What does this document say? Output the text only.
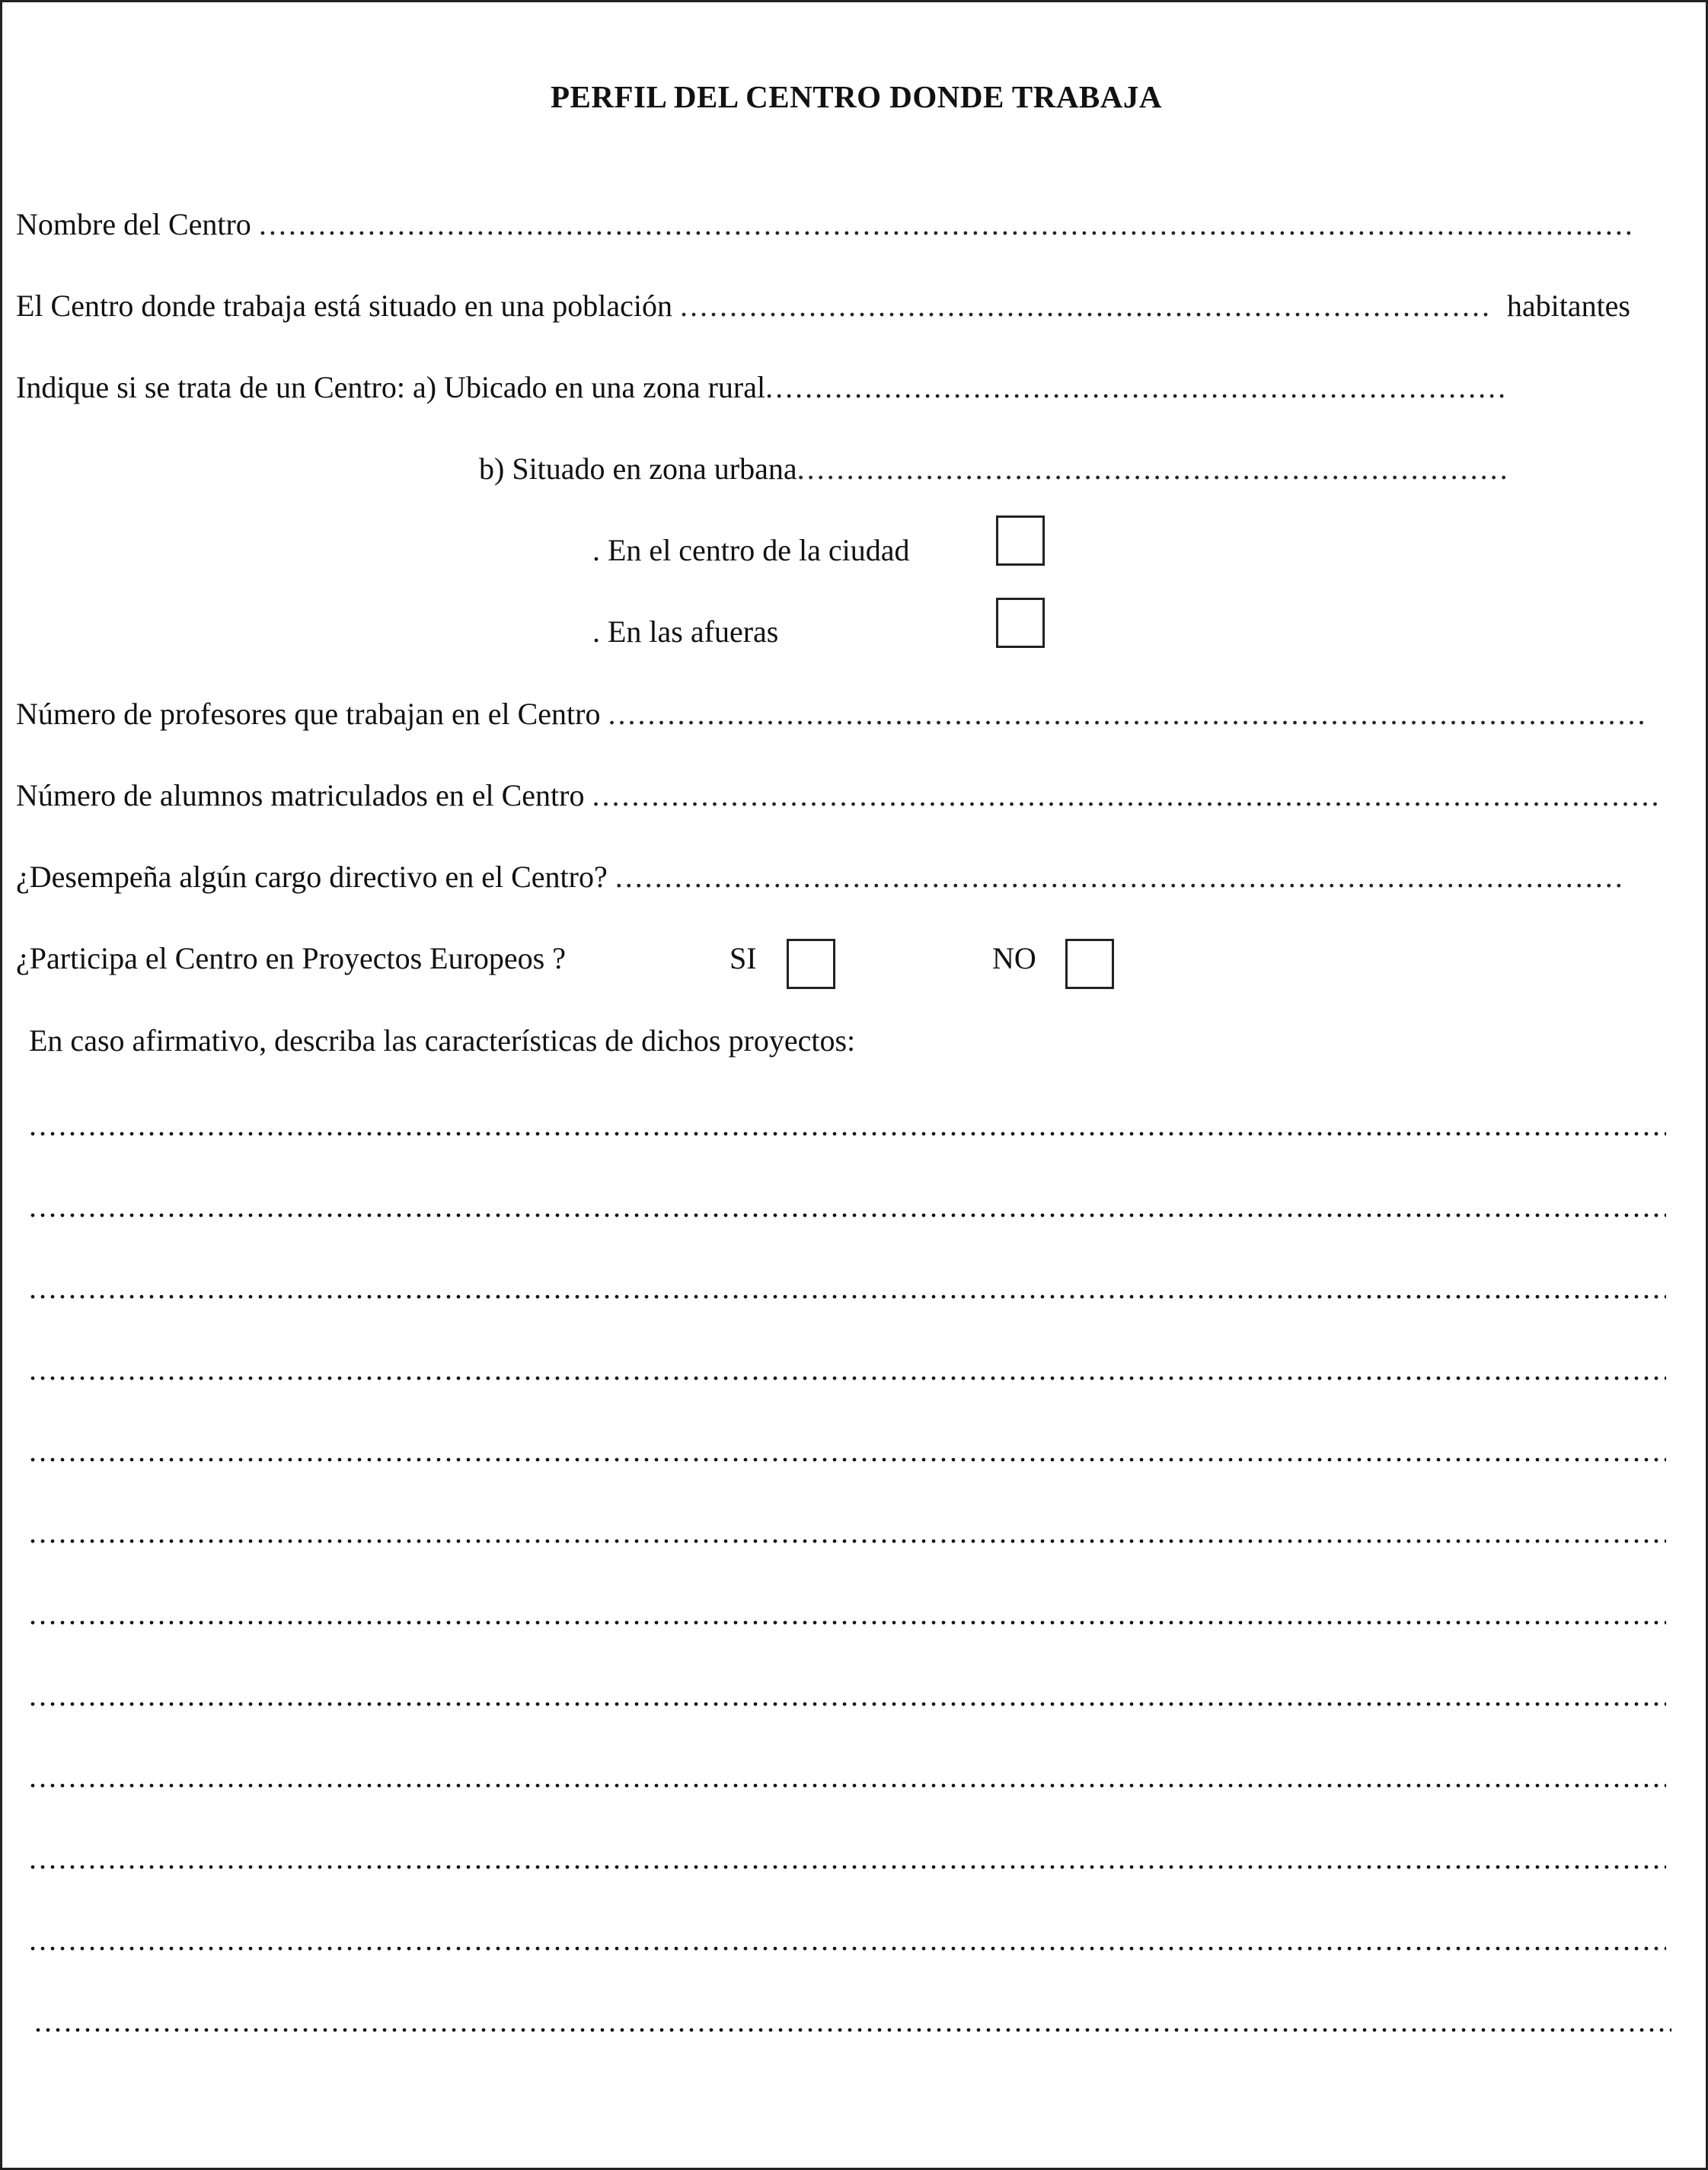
PERFIL DEL CENTRO DONDE TRABAJA
Nombre del Centro
.....
El Centro donde trabaja está situado en una población
.....	habitantes
Indique si se trata de un Centro: a) Ubicado en una zona rural
.....
b) Situado en zona urbana
.....
. En el centro de la ciudad
. En las afueras
Número de profesores que trabajan en el Centro
.....
Número de alumnos matriculados en el Centro
.....
¿Desempeña algún cargo directivo en el Centro?
.....
¿Participa el Centro en Proyectos Europeos ?	SI	NO
En caso afirmativo, describa las características de dichos proyectos:
.....
.....
.....
.....
.....
.....
.....
.....
.....
.....
.....
.....
